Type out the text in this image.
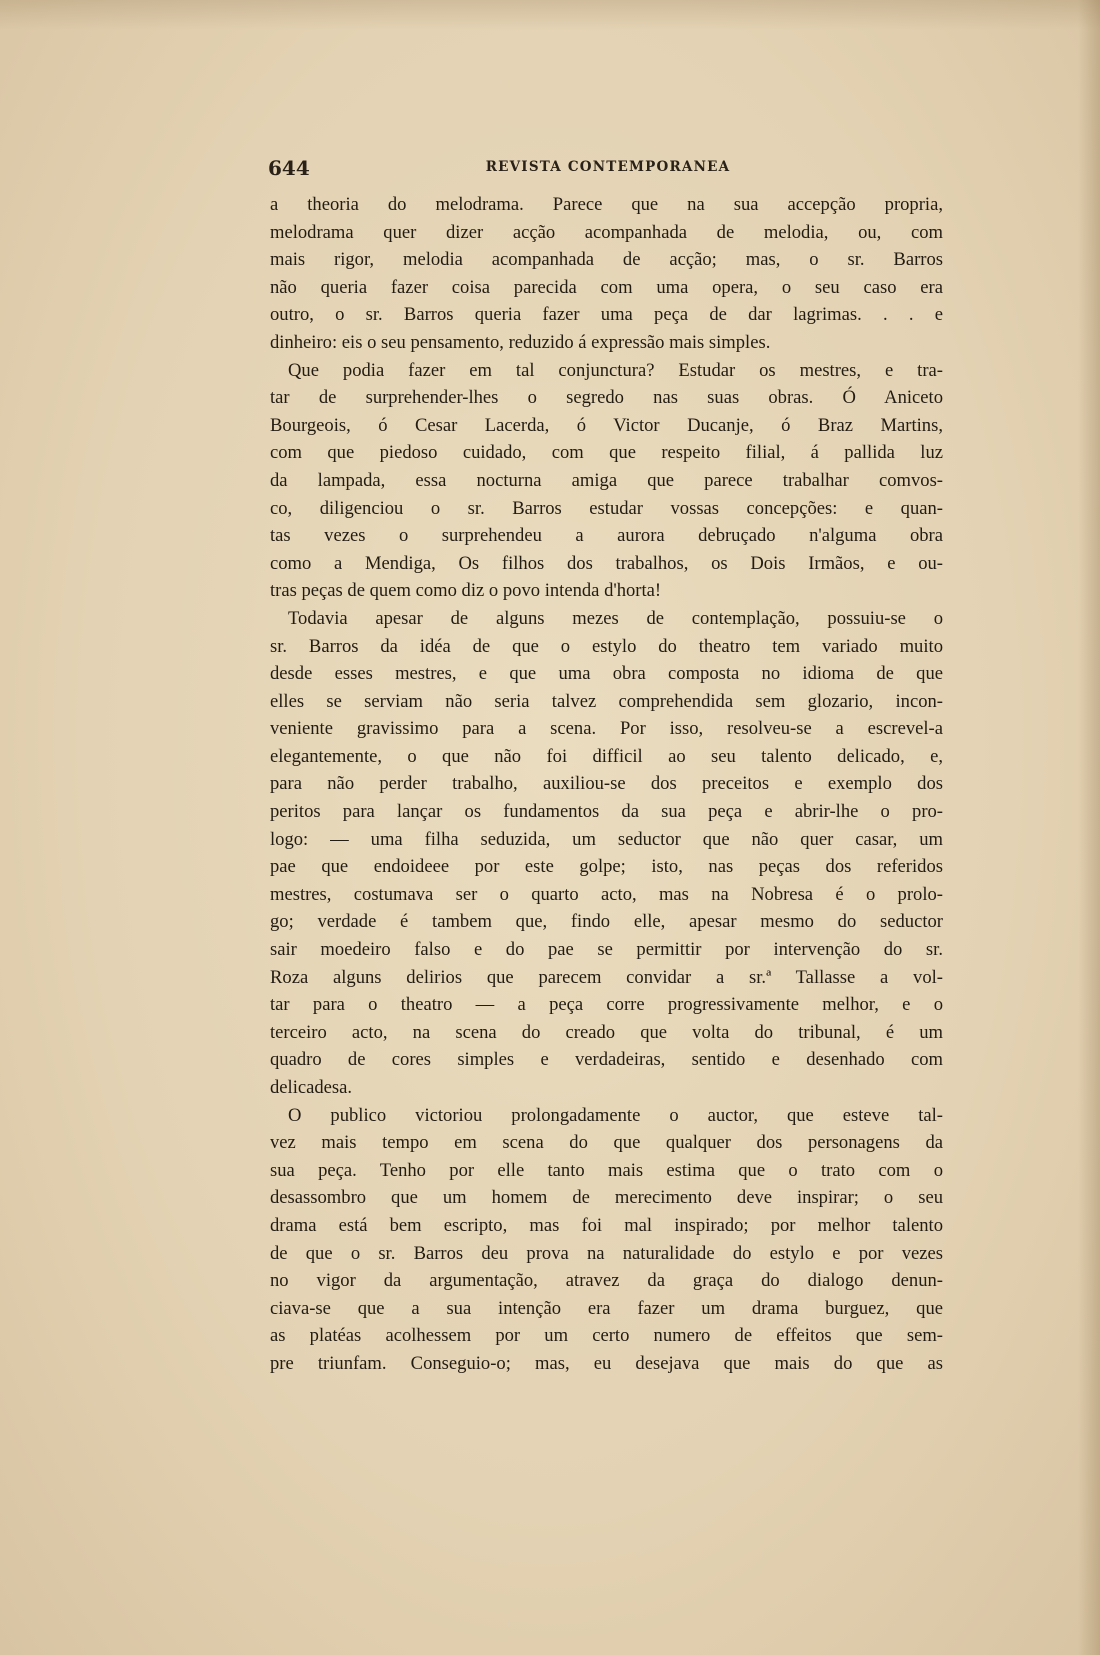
644	REVISTA CONTEMPORANEA
a theoria do melodrama. Parece que na sua accepção propria,
melodrama quer dizer acção acompanhada de melodia, ou, com
mais rigor, melodia acompanhada de acção; mas, o sr. Barros
não queria fazer coisa parecida com uma opera, o seu caso era
outro, o sr. Barros queria fazer uma peça de dar lagrimas. . . e
dinheiro: eis o seu pensamento, reduzido á expressão mais simples.
Que podia fazer em tal conjunctura? Estudar os mestres, e tra-
tar de surprehender-lhes o segredo nas suas obras. Ó Aniceto
Bourgeois, ó Cesar Lacerda, ó Victor Ducanje, ó Braz Martins,
com que piedoso cuidado, com que respeito filial, á pallida luz
da lampada, essa nocturna amiga que parece trabalhar comvos-
co, diligenciou o sr. Barros estudar vossas concepções: e quan-
tas vezes o surprehendeu a aurora debruçado n'alguma obra
como a Mendiga, Os filhos dos trabalhos, os Dois Irmãos, e ou-
tras peças de quem como diz o povo intenda d'horta!
Todavia apesar de alguns mezes de contemplação, possuiu-se o
sr. Barros da idéa de que o estylo do theatro tem variado muito
desde esses mestres, e que uma obra composta no idioma de que
elles se serviam não seria talvez comprehendida sem glozario, incon-
veniente gravissimo para a scena. Por isso, resolveu-se a escrevel-a
elegantemente, o que não foi difficil ao seu talento delicado, e,
para não perder trabalho, auxiliou-se dos preceitos e exemplo dos
peritos para lançar os fundamentos da sua peça e abrir-lhe o pro-
logo: — uma filha seduzida, um seductor que não quer casar, um
pae que endoideee por este golpe; isto, nas peças dos referidos
mestres, costumava ser o quarto acto, mas na Nobresa é o prolo-
go; verdade é tambem que, findo elle, apesar mesmo do seductor
sair moedeiro falso e do pae se permittir por intervenção do sr.
Roza alguns delirios que parecem convidar a sr.ª Tallasse a vol-
tar para o theatro — a peça corre progressivamente melhor, e o
terceiro acto, na scena do creado que volta do tribunal, é um
quadro de cores simples e verdadeiras, sentido e desenhado com
delicadesa.
O publico victoriou prolongadamente o auctor, que esteve tal-
vez mais tempo em scena do que qualquer dos personagens da
sua peça. Tenho por elle tanto mais estima que o trato com o
desassombro que um homem de merecimento deve inspirar; o seu
drama está bem escripto, mas foi mal inspirado; por melhor talento
de que o sr. Barros deu prova na naturalidade do estylo e por vezes
no vigor da argumentação, atravez da graça do dialogo denun-
ciava-se que a sua intenção era fazer um drama burguez, que
as platéas acolhessem por um certo numero de effeitos que sem-
pre triunfam. Conseguio-o; mas, eu desejava que mais do que as
